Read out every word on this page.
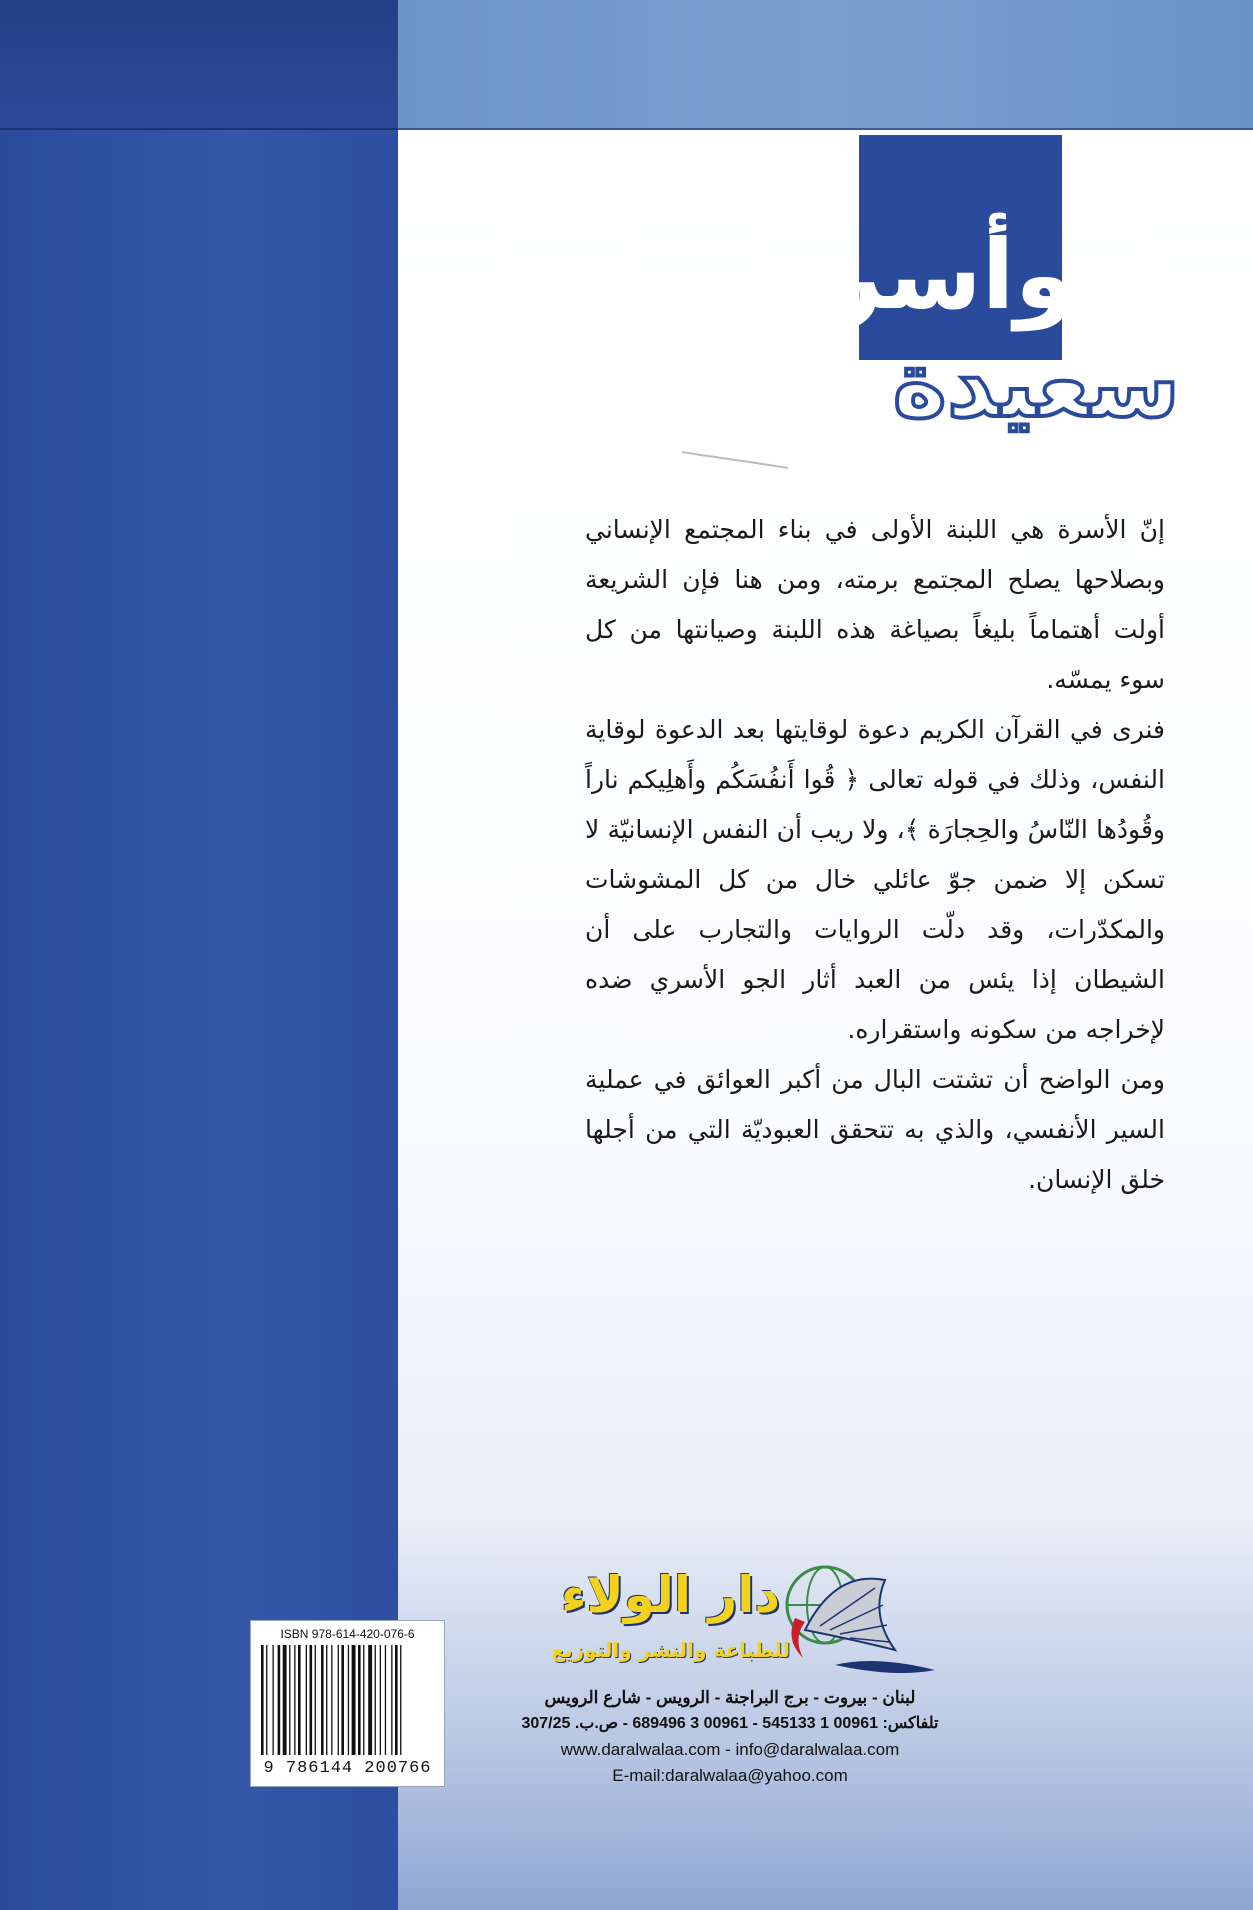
نحوأسرة
سعيدة

إنّ الأسرة هي اللبنة الأولى في بناء المجتمع الإنساني وبصلاحها يصلح المجتمع برمته، ومن هنا فإن الشريعة أولت أهتماماً بليغاً بصياغة هذه اللبنة وصيانتها من كل سوء يمسّه.

فنرى في القرآن الكريم دعوة لوقايتها بعد الدعوة لوقاية النفس، وذلك في قوله تعالى ﴿ قُوا أَنفُسَكُم وأَهلِيكم ناراً وقُودُها النّاسُ والحِجارَة ﴾، ولا ريب أن النفس الإنسانيّة لا تسكن إلا ضمن جوّ عائلي خال من كل المشوشات والمكدّرات، وقد دلّت الروايات والتجارب على أن الشيطان إذا يئس من العبد أثار الجو الأسري ضده لإخراجه من سكونه واستقراره.

ومن الواضح أن تشتت البال من أكبر العوائق في عملية السير الأنفسي، والذي به تتحقق العبوديّة التي من أجلها خلق الإنسان.

دار الولاء
للطباعة والنشر والتوزيع
لبنان - بيروت - برج البراجنة - الرويس - شارع الرويس
تلفاكس: 00961 1 545133 - 00961 3 689496 - ص.ب. 307/25
www.daralwalaa.com - info@daralwalaa.com
E-mail:daralwalaa@yahoo.com
ISBN 978-614-420-076-6
9 786144 200766
